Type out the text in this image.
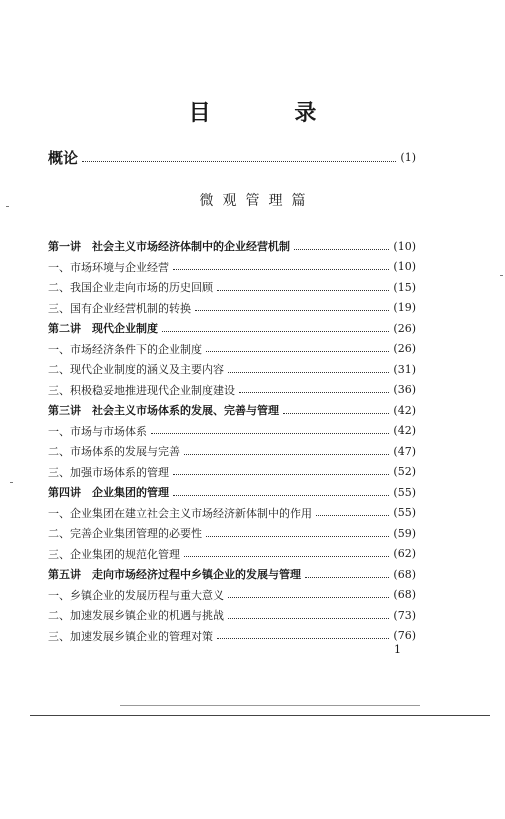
目 录
概论	(1)
微观管理篇
第一讲　社会主义市场经济体制中的企业经营机制	(10)
一、市场环境与企业经营	(10)
二、我国企业走向市场的历史回顾	(15)
三、国有企业经营机制的转换	(19)
第二讲　现代企业制度	(26)
一、市场经济条件下的企业制度	(26)
二、现代企业制度的涵义及主要内容	(31)
三、积极稳妥地推进现代企业制度建设	(36)
第三讲　社会主义市场体系的发展、完善与管理	(42)
一、市场与市场体系	(42)
二、市场体系的发展与完善	(47)
三、加强市场体系的管理	(52)
第四讲　企业集团的管理	(55)
一、企业集团在建立社会主义市场经济新体制中的作用	(55)
二、完善企业集团管理的必要性	(59)
三、企业集团的规范化管理	(62)
第五讲　走向市场经济过程中乡镇企业的发展与管理	(68)
一、乡镇企业的发展历程与重大意义	(68)
二、加速发展乡镇企业的机遇与挑战	(73)
三、加速发展乡镇企业的管理对策	(76)
1
